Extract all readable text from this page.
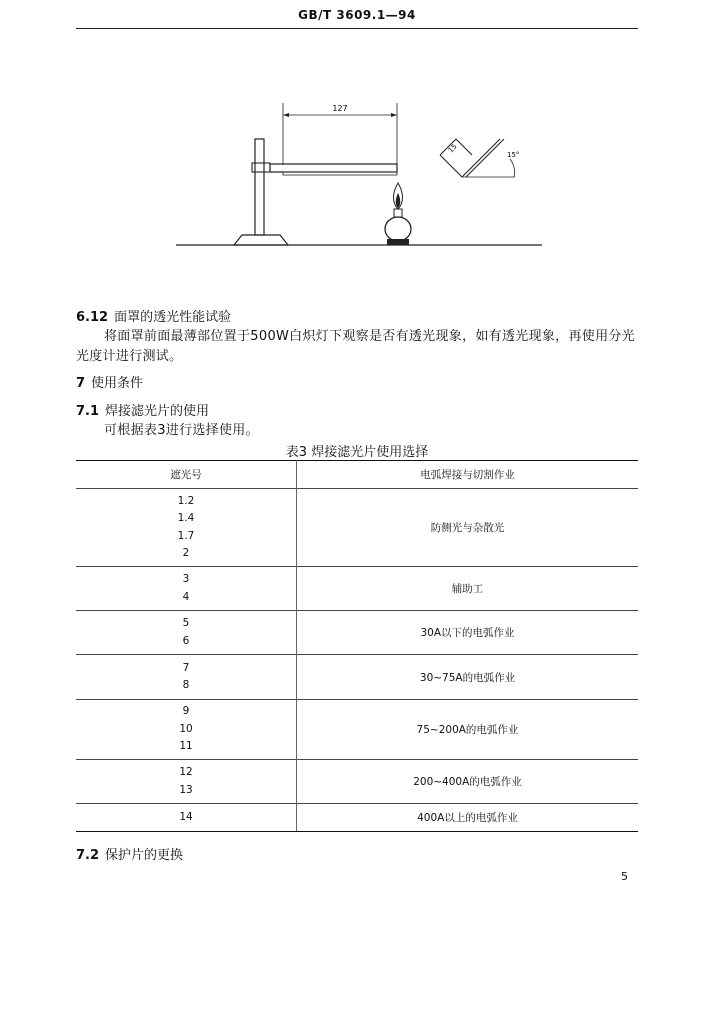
GB/T 3609.1—94
127
15°
15
6.12 面罩的透光性能试验
将面罩前面最薄部位置于500W白炽灯下观察是否有透光现象，如有透光现象，再使用分光光度计进行测试。
7 使用条件
7.1 焊接滤光片的使用
可根据表3进行选择使用。
表3 焊接滤光片使用选择
遮光号	电弧焊接与切割作业

1.2
1.4
1.7
2	防侧光与杂散光

3
4	辅助工

5
6	30A以下的电弧作业

7
8	30~75A的电弧作业

9
10
11	75~200A的电弧作业

12
13	200~400A的电弧作业

14	400A以上的电弧作业
7.2 保护片的更换
5
